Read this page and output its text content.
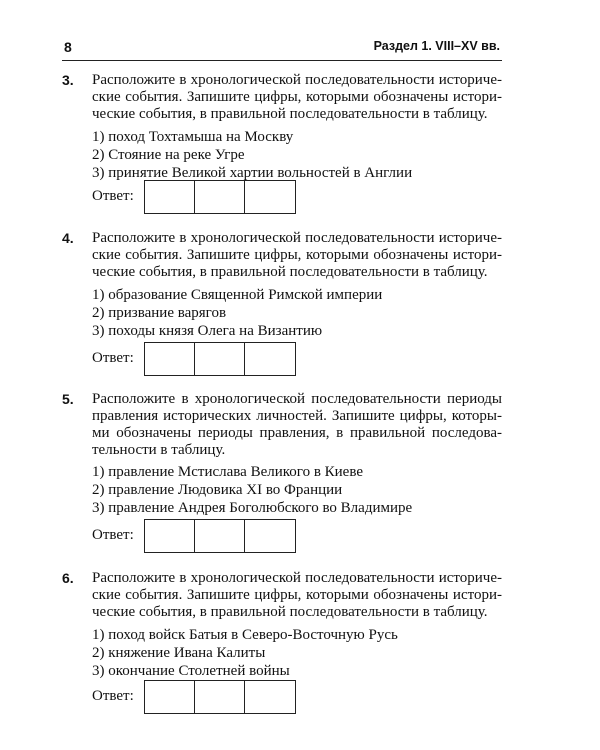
8	Раздел 1. VIII–XV вв.
3. Расположите в хронологической последовательности историче-
ские события. Запишите цифры, которыми обозначены истори-
ческие события, в правильной последовательности в таблицу.
1) поход Тохтамыша на Москву
2) Стояние на реке Угре
3) принятие Великой хартии вольностей в Англии
Ответ:
4. Расположите в хронологической последовательности историче-
ские события. Запишите цифры, которыми обозначены истори-
ческие события, в правильной последовательности в таблицу.
1) образование Священной Римской империи
2) призвание варягов
3) походы князя Олега на Византию
Ответ:
5. Расположите в хронологической последовательности периоды
правления исторических личностей. Запишите цифры, которы-
ми обозначены периоды правления, в правильной последова-
тельности в таблицу.
1) правление Мстислава Великого в Киеве
2) правление Людовика XI во Франции
3) правление Андрея Боголюбского во Владимире
Ответ:
6. Расположите в хронологической последовательности историче-
ские события. Запишите цифры, которыми обозначены истори-
ческие события, в правильной последовательности в таблицу.
1) поход войск Батыя в Северо-Восточную Русь
2) княжение Ивана Калиты
3) окончание Столетней войны
Ответ:
